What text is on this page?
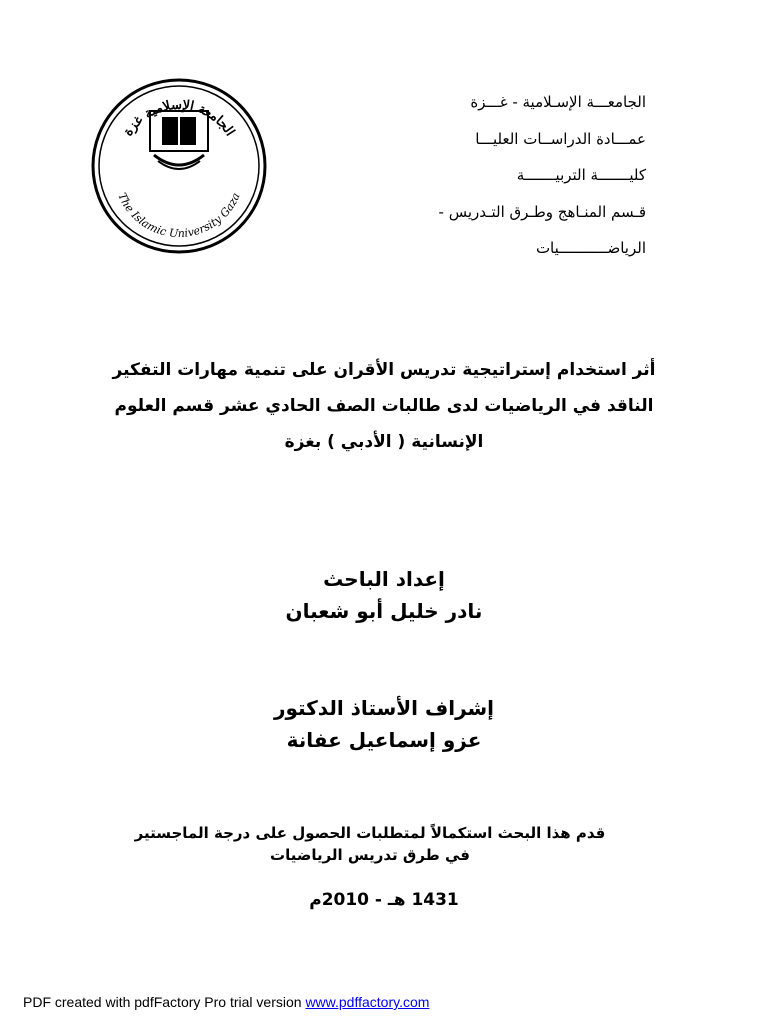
الجامعة الإسلامية غزة
The Islamic University Gaza
الجامعـــة الإسـلامية - غـــزة
عمـــادة الدراســات العليـــا
كليـــــــة التربيـــــــة
قـسم المنـاهج وطـرق التـدريس - الرياضـــــــــــيات
أثر استخدام إستراتيجية تدريس الأقران على تنمية مهارات التفكير
الناقد في الرياضيات لدى طالبات الصف الحادي عشر قسم العلوم
الإنسانية ( الأدبي ) بغزة
إعداد الباحث
نادر خليل أبو شعبان
إشراف الأستاذ الدكتور
عزو إسماعيل عفانة
قدم هذا البحث استكمالاً لمتطلبات الحصول على درجة الماجستير في طرق تدريس الرياضيات
1431 هـ - 2010م
PDF created with pdfFactory Pro trial version www.pdffactory.com
